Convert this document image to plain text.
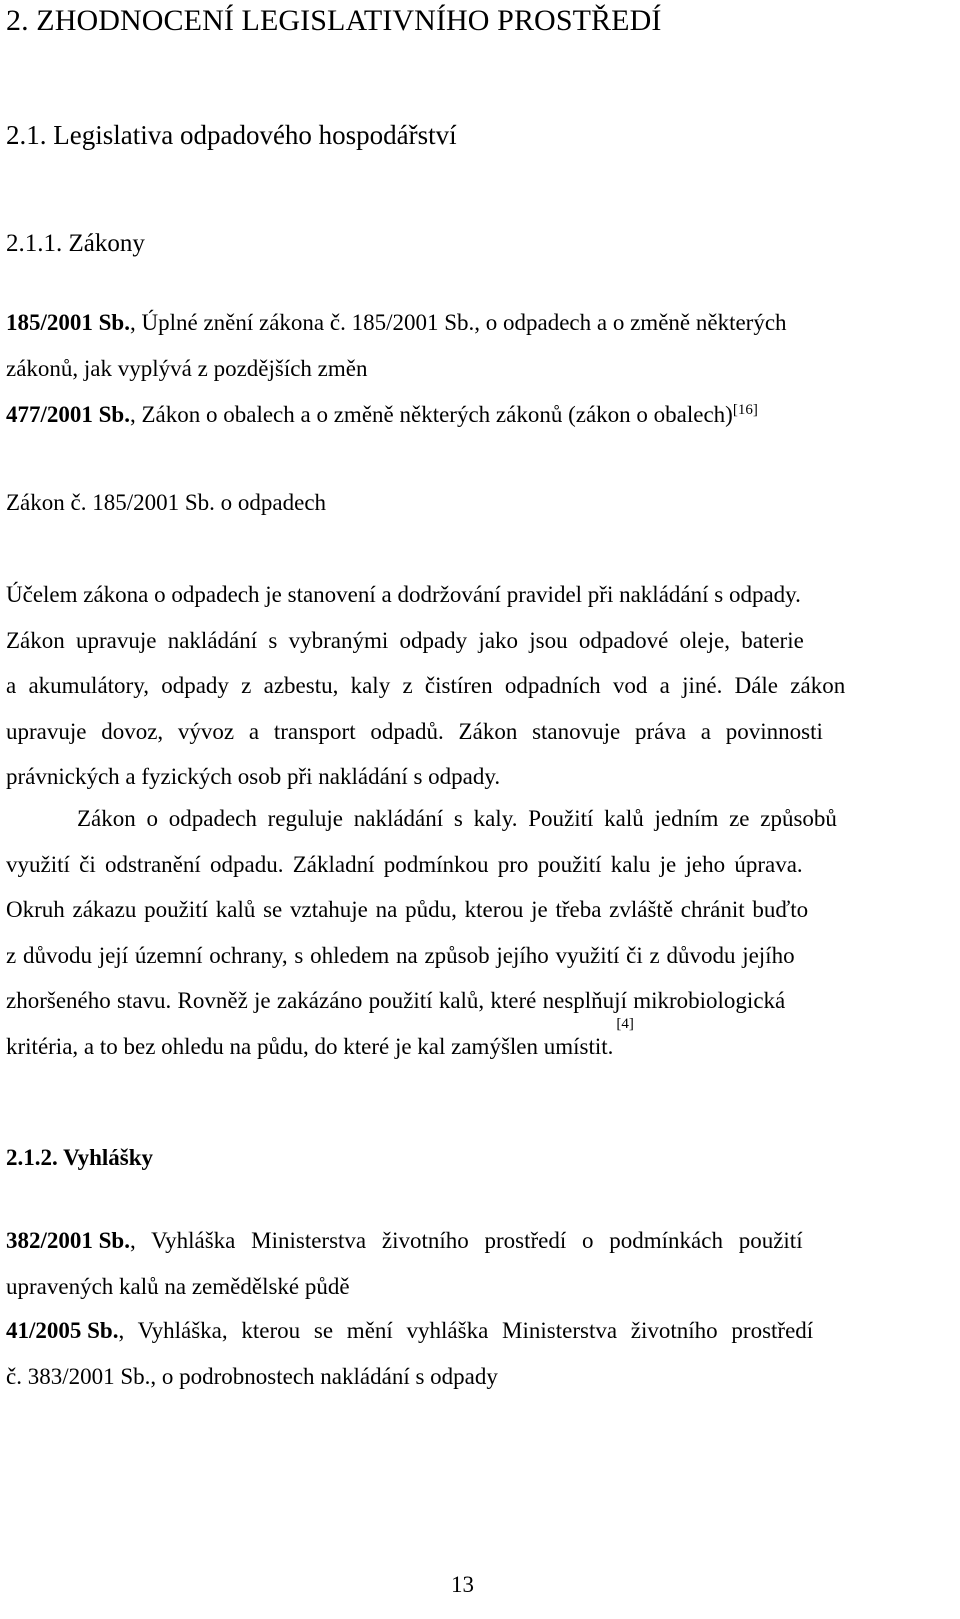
2. ZHODNOCENÍ LEGISLATIVNÍHO PROSTŘEDÍ
2.1. Legislativa odpadového hospodářství
2.1.1. Zákony
185/2001 Sb., Úplné znění zákona č. 185/2001 Sb., o odpadech a o změně některých
zákonů, jak vyplývá z pozdějších změn
477/2001 Sb., Zákon o obalech a o změně některých zákonů (zákon o obalech)[16]
Zákon č. 185/2001 Sb. o odpadech
Účelem zákona o odpadech je stanovení a dodržování pravidel při nakládání s odpady.
Zákon upravuje nakládání s vybranými odpady jako jsou odpadové oleje, baterie
a akumulátory, odpady z azbestu, kaly z čistíren odpadních vod a jiné. Dále zákon
upravuje dovoz, vývoz a transport odpadů. Zákon stanovuje práva a povinnosti
právnických a fyzických osob při nakládání s odpady.
Zákon o odpadech reguluje nakládání s kaly. Použití kalů jedním ze způsobů
využití či odstranění odpadu. Základní podmínkou pro použití kalu je jeho úprava.
Okruh zákazu použití kalů se vztahuje na půdu, kterou je třeba zvláště chránit buďto
z důvodu její územní ochrany, s ohledem na způsob jejího využití či z důvodu jejího
zhoršeného stavu. Rovněž je zakázáno použití kalů, které nesplňují mikrobiologická
kritéria, a to bez ohledu na půdu, do které je kal zamýšlen umístit.
[4]
2.1.2. Vyhlášky
382/2001 Sb. , Vyhláška Ministerstva životního prostředí o podmínkách použití
upravených kalů na zemědělské půdě
41/2005 Sb. , Vyhláška, kterou se mění vyhláška Ministerstva životního prostředí
č. 383/2001 Sb., o podrobnostech nakládání s odpady
13
